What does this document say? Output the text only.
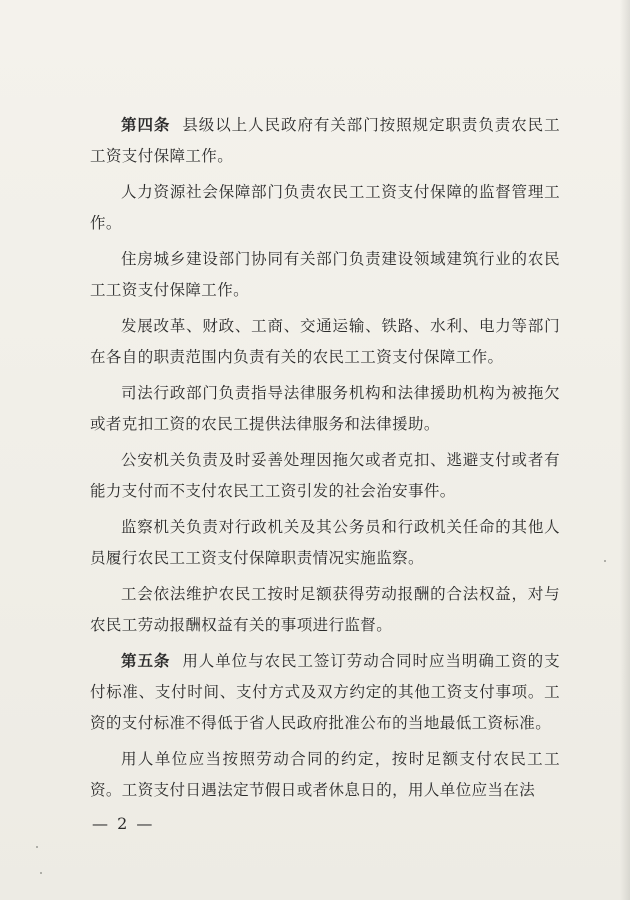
第四条 县级以上人民政府有关部门按照规定职责负责农民工工资支付保障工作。

人力资源社会保障部门负责农民工工资支付保障的监督管理工作。

住房城乡建设部门协同有关部门负责建设领域建筑行业的农民工工资支付保障工作。

发展改革、财政、工商、交通运输、铁路、水利、电力等部门在各自的职责范围内负责有关的农民工工资支付保障工作。

司法行政部门负责指导法律服务机构和法律援助机构为被拖欠或者克扣工资的农民工提供法律服务和法律援助。

公安机关负责及时妥善处理因拖欠或者克扣、逃避支付或者有能力支付而不支付农民工工资引发的社会治安事件。

监察机关负责对行政机关及其公务员和行政机关任命的其他人员履行农民工工资支付保障职责情况实施监察。

工会依法维护农民工按时足额获得劳动报酬的合法权益，对与农民工劳动报酬权益有关的事项进行监督。

第五条 用人单位与农民工签订劳动合同时应当明确工资的支付标准、支付时间、支付方式及双方约定的其他工资支付事项。工资的支付标准不得低于省人民政府批准公布的当地最低工资标准。

用人单位应当按照劳动合同的约定，按时足额支付农民工工资。工资支付日遇法定节假日或者休息日的，用人单位应当在法

— 2 —
